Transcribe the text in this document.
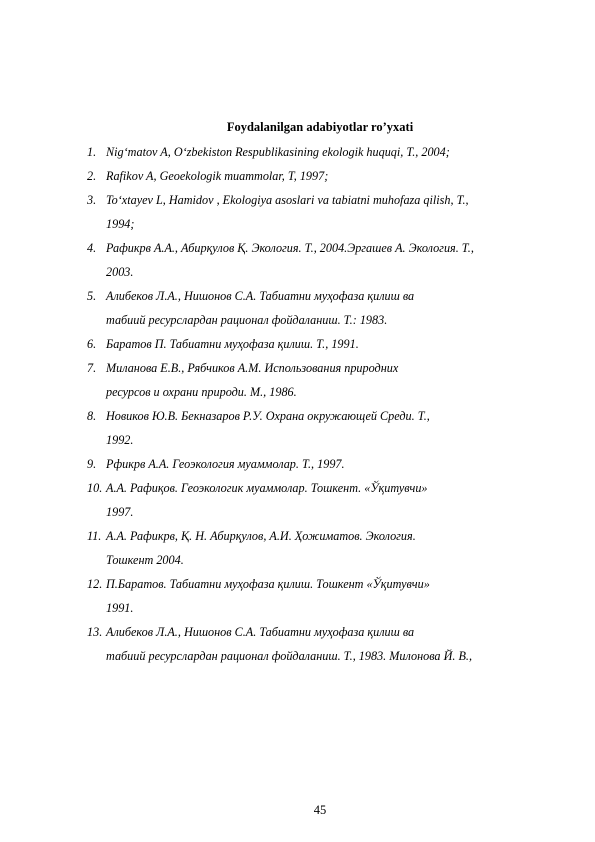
Foydalanilgan adabiyotlar ro’yxati
1. Nig‘matov A, O‘zbekiston Respublikasining ekologik huquqi, T., 2004;
2. Rafikov A, Geoekologik muammolar, T, 1997;
3. To‘xtayev L, Hamidov , Ekologiya asoslari va tabiatni muhofaza qilish, T.,
1994;
4. Рафикрв А.А., Абирқулов Қ. Экология. Т., 2004.Эргашев А. Экология. Т.,
2003.
5. Алибеков Л.А., Нишонов С.А. Табиатни муҳофаза қилиш ва
табиий ресурслардан рационал фойдаланиш. Т.: 1983.
6. Баратов П. Табиатни муҳофаза қилиш. Т., 1991.
7. Миланова Е.В., Рябчиков А.М. Использования природних
ресурсов и охрани природи. М., 1986.
8. Новиков Ю.В. Бекназаров Р.У. Охрана окружающей Среди. Т.,
1992.
9. Рфикрв А.А. Геоэкология муаммолар. Т., 1997.
10. А.А. Рафиқов. Геоэкологик муаммолар. Тошкент. «Ўқитувчи»
1997.
11. А.А. Рафикрв, Қ. Н. Абирқулов, А.И. Ҳожиматов. Экология.
Тошкент 2004.
12. П.Баратов. Табиатни муҳофаза қилиш. Тошкент «Ўқитувчи»
1991.
13. Алибеков Л.А., Нишонов С.А. Табиатни муҳофаза қилиш ва
табиий ресурслардан рационал фойдаланиш. Т., 1983. Милонова Й. В.,
45
